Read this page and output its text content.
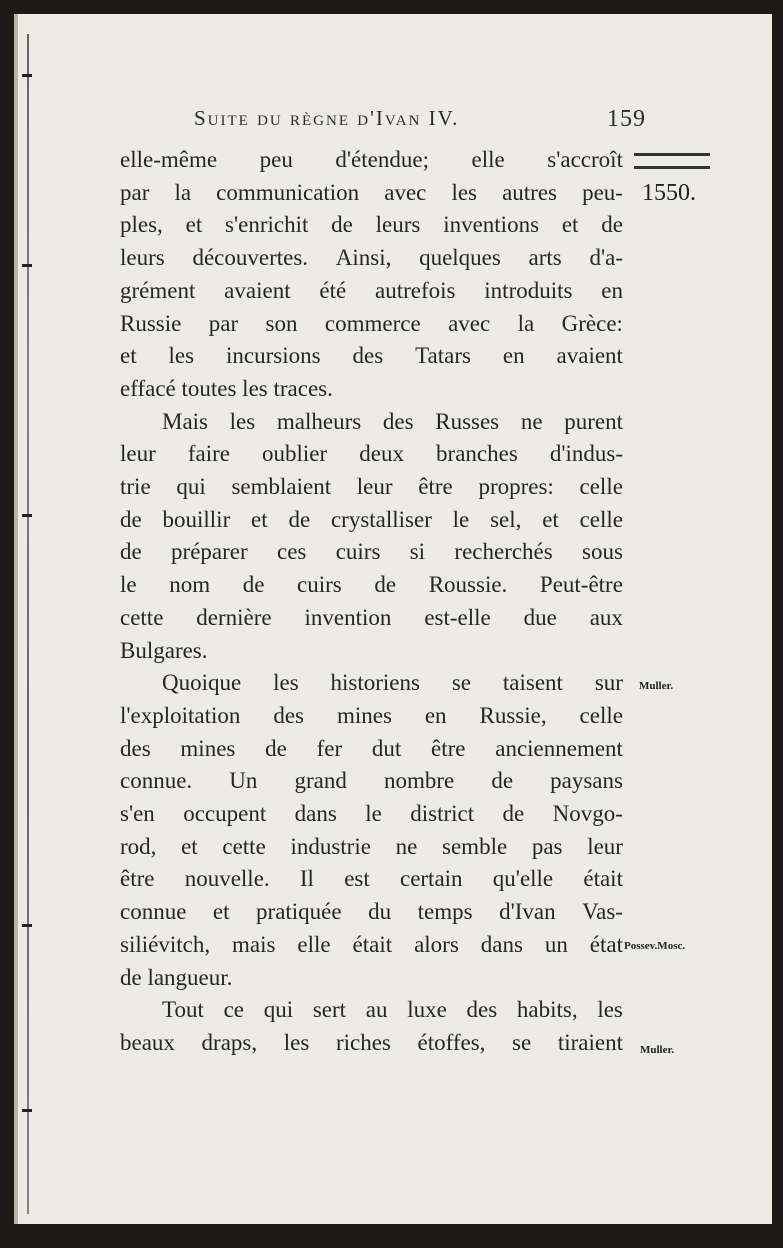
Suite du règne d'Ivan IV.	159
1550.
Muller.
Possev.Mosc.
Muller.
elle-même peu d'étendue; elle s'accroît
par la communication avec les autres peu-
ples, et s'enrichit de leurs inventions et de
leurs découvertes. Ainsi, quelques arts d'a-
grément avaient été autrefois introduits en
Russie par son commerce avec la Grèce:
et les incursions des Tatars en avaient
effacé toutes les traces.
Mais les malheurs des Russes ne purent
leur faire oublier deux branches d'indus-
trie qui semblaient leur être propres: celle
de bouillir et de crystalliser le sel, et celle
de préparer ces cuirs si recherchés sous
le nom de cuirs de Roussie. Peut-être
cette dernière invention est-elle due aux
Bulgares.
Quoique les historiens se taisent sur
l'exploitation des mines en Russie, celle
des mines de fer dut être anciennement
connue. Un grand nombre de paysans
s'en occupent dans le district de Novgo-
rod, et cette industrie ne semble pas leur
être nouvelle. Il est certain qu'elle était
connue et pratiquée du temps d'Ivan Vas-
siliévitch, mais elle était alors dans un état
de langueur.
Tout ce qui sert au luxe des habits, les
beaux draps, les riches étoffes, se tiraient
